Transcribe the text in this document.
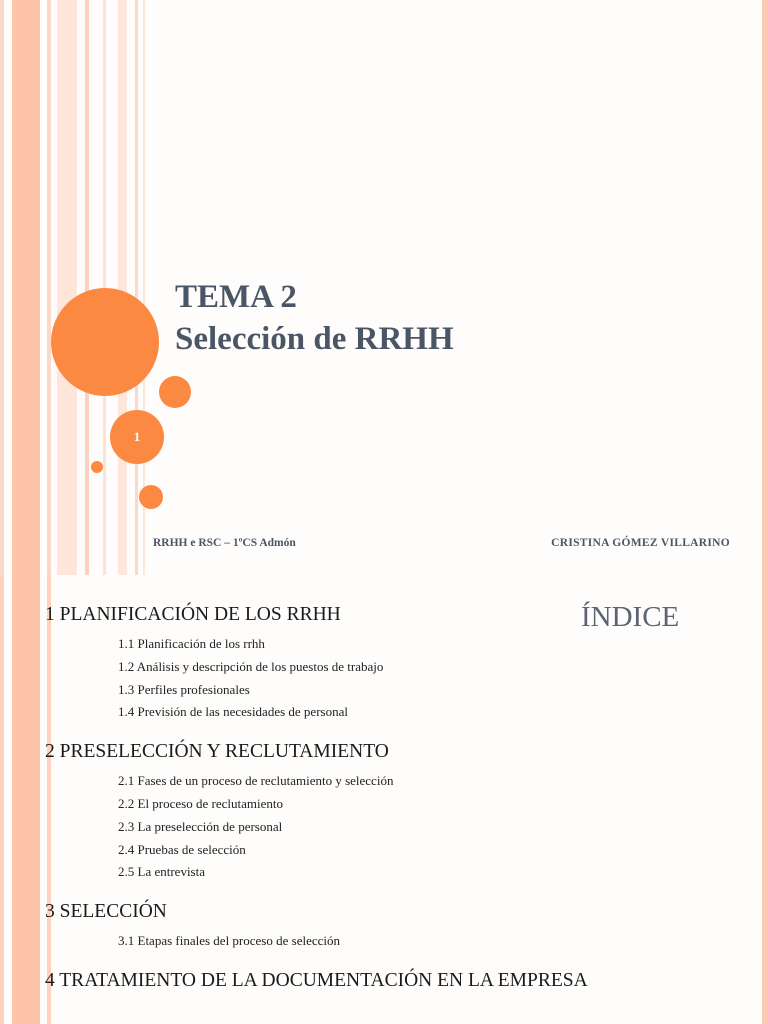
1
TEMA 2
Selección de RRHH
RRHH e RSC – 1ºCS Admón	CRISTINA GÓMEZ VILLARINO
ÍNDICE
1 PLANIFICACIÓN DE LOS RRHH
1.1 Planificación de los rrhh
1.2 Análisis y descripción de los puestos de trabajo
1.3 Perfiles profesionales
1.4 Previsión de las necesidades de personal
2 PRESELECCIÓN Y RECLUTAMIENTO
2.1 Fases de un proceso de reclutamiento y selección
2.2 El proceso de reclutamiento
2.3 La preselección de personal
2.4 Pruebas de selección
2.5 La entrevista
3 SELECCIÓN
3.1 Etapas finales del proceso de selección
4 TRATAMIENTO DE LA DOCUMENTACIÓN EN LA EMPRESA
